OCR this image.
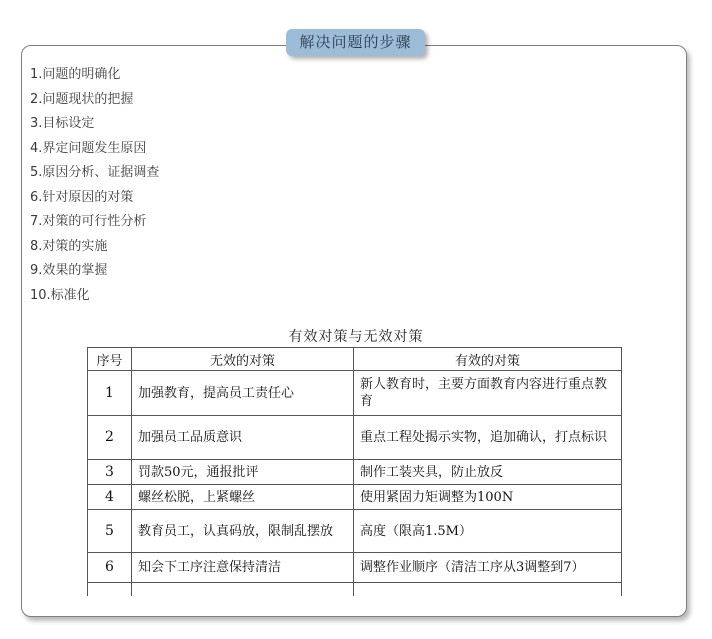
解决问题的步骤
1.问题的明确化
2.问题现状的把握
3.目标设定
4.界定问题发生原因
5.原因分析、证据调查
6.针对原因的对策
7.对策的可行性分析
8.对策的实施
9.效果的掌握
10.标准化
有效对策与无效对策
序号	无效的对策	有效的对策
1	加强教育，提高员工责任心	新人教育时，主要方面教育内容进行重点教育
2	加强员工品质意识	重点工程处揭示实物，追加确认，打点标识
3	罚款50元，通报批评	制作工装夹具，防止放反
4	螺丝松脱，上紧螺丝	使用紧固力矩调整为100N
5	教育员工，认真码放，限制乱摆放	高度（限高1.5M）
6	知会下工序注意保持清洁	调整作业顺序（清洁工序从3调整到7）
